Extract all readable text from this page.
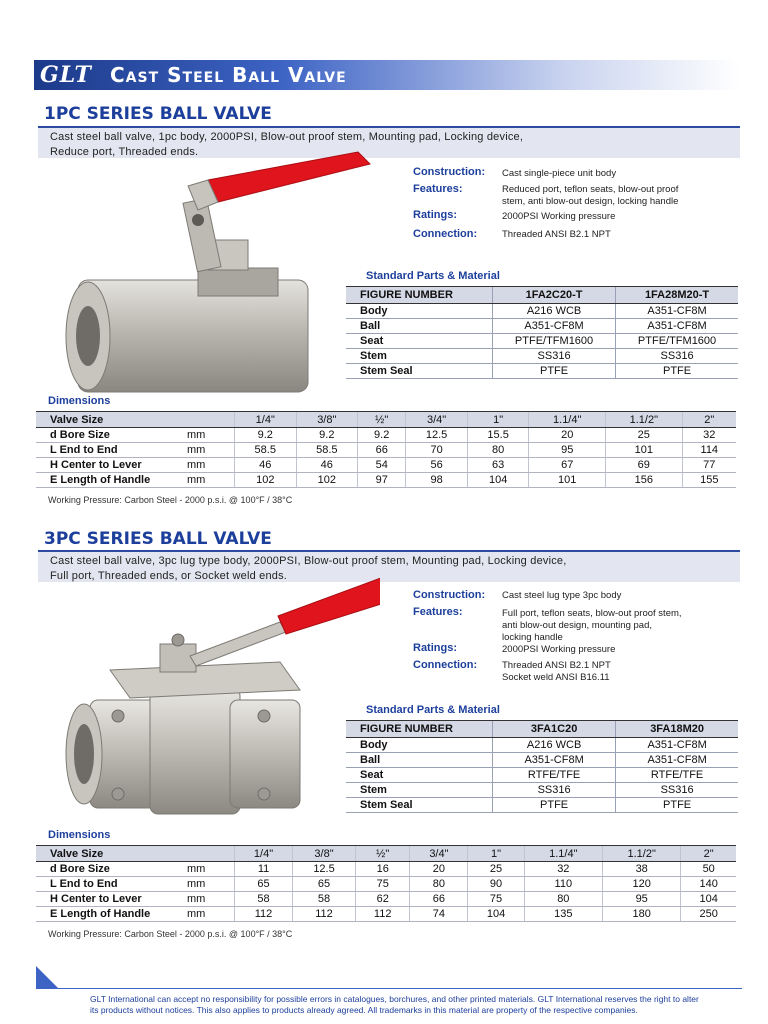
GLT Cast Steel Ball Valve
1PC SERIES BALL VALVE
Cast steel ball valve, 1pc body, 2000PSI, Blow-out proof stem, Mounting pad, Locking device,
Reduce port, Threaded ends.
Construction: Cast single-piece unit body
Features:	Reduced port, teflon seats, blow-out proof
stem, anti blow-out design, locking handle
Ratings:	2000PSI Working pressure
Connection:	Threaded ANSI B2.1 NPT
Standard Parts & Material
FIGURE NUMBER	1FA2C20-T	1FA28M20-T
Body	A216 WCB	A351-CF8M
Ball	A351-CF8M	A351-CF8M
Seat	PTFE/TFM1600	PTFE/TFM1600
Stem	SS316	SS316
Stem Seal	PTFE	PTFE
Dimensions
Valve Size		1/4"	3/8"	½"	3/4"	1"	1.1/4"	1.1/2"	2"
d Bore Size	mm	9.2	9.2	9.2	12.5	15.5	20	25	32
L End to End	mm	58.5	58.5	66	70	80	95	101	114
H Center to Lever	mm	46	46	54	56	63	67	69	77
E Length of Handle	mm	102	102	97	98	104	101	156	155
Working Pressure: Carbon Steel - 2000 p.s.i. @ 100°F / 38°C
3PC SERIES BALL VALVE
Cast steel ball valve, 3pc lug type body, 2000PSI, Blow-out proof stem, Mounting pad, Locking device,
Full port, Threaded ends, or Socket weld ends.
Construction: Cast steel lug type 3pc body
Features:	Full port, teflon seats, blow-out proof stem,
anti blow-out design, mounting pad,
locking handle
Ratings:	2000PSI Working pressure
Connection:	Threaded ANSI B2.1 NPT
Socket weld ANSI B16.11
Standard Parts & Material
FIGURE NUMBER	3FA1C20	3FA18M20
Body	A216 WCB	A351-CF8M
Ball	A351-CF8M	A351-CF8M
Seat	RTFE/TFE	RTFE/TFE
Stem	SS316	SS316
Stem Seal	PTFE	PTFE
Dimensions
Valve Size		1/4"	3/8"	½"	3/4"	1"	1.1/4"	1.1/2"	2"
d Bore Size	mm	11	12.5	16	20	25	32	38	50
L End to End	mm	65	65	75	80	90	110	120	140
H Center to Lever	mm	58	58	62	66	75	80	95	104
E Length of Handle	mm	112	112	112	74	104	135	180	250
Working Pressure: Carbon Steel - 2000 p.s.i. @ 100°F / 38°C
GLT International can accept no responsibility for possible errors in catalogues, borchures, and other printed materials. GLT International reserves the right to alter
its products without notices. This also applies to products already agreed. All trademarks in this material are property of the respective companies.
